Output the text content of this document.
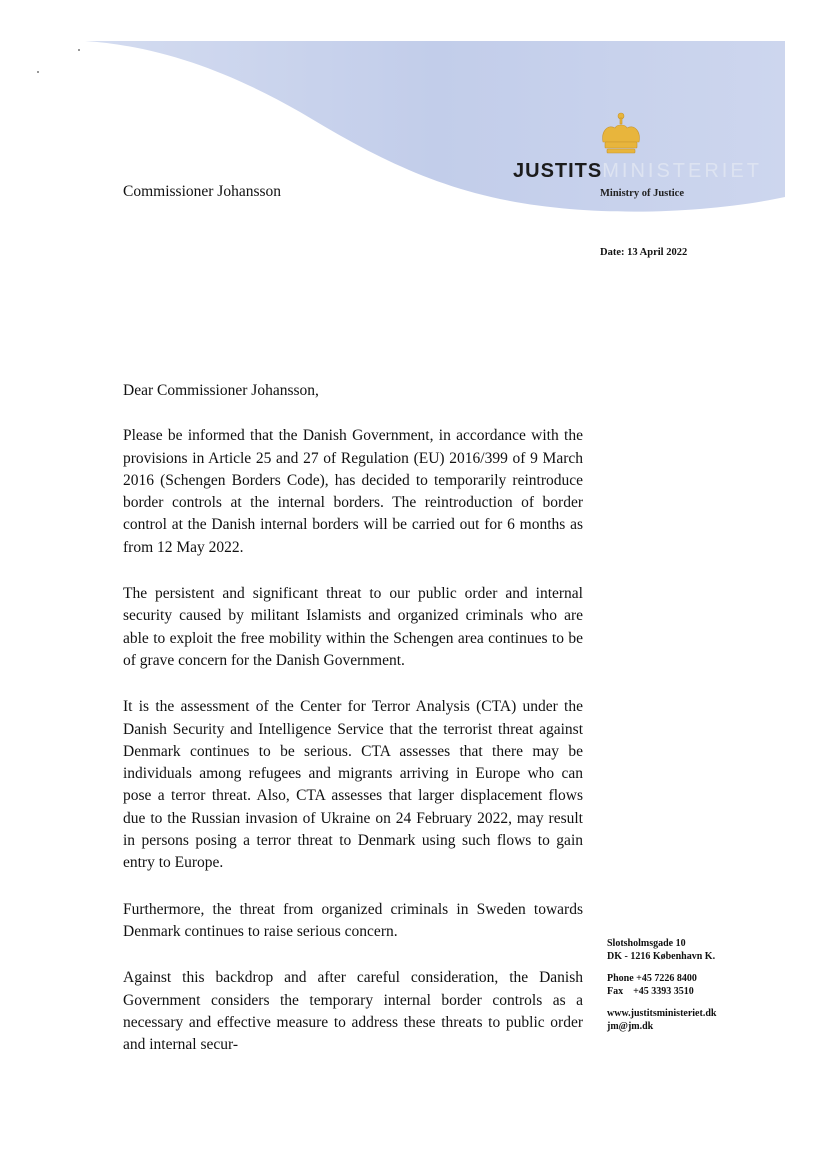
JUSTITSMINISTERIET
Ministry of Justice
Commissioner Johansson
Date: 13 April 2022

Dear Commissioner Johansson,

Please be informed that the Danish Government, in accordance with the provisions in Article 25 and 27 of Regulation (EU) 2016/399 of 9 March 2016 (Schengen Borders Code), has decided to temporarily reintroduce border controls at the internal borders. The reintroduction of border control at the Danish internal borders will be carried out for 6 months as from 12 May 2022.

The persistent and significant threat to our public order and internal security caused by militant Islamists and organized criminals who are able to exploit the free mobility within the Schengen area continues to be of grave concern for the Danish Government.

It is the assessment of the Center for Terror Analysis (CTA) under the Danish Security and Intelligence Service that the terrorist threat against Denmark continues to be serious. CTA assesses that there may be individuals among refugees and migrants arriving in Europe who can pose a terror threat. Also, CTA assesses that larger displacement flows due to the Russian invasion of Ukraine on 24 February 2022, may result in persons posing a terror threat to Denmark using such flows to gain entry to Europe.

Furthermore, the threat from organized criminals in Sweden towards Denmark continues to raise serious concern.

Against this backdrop and after careful consideration, the Danish Government considers the temporary internal border controls as a necessary and effective measure to address these threats to public order and internal secur-

Slotsholmsgade 10
DK - 1216 København K.
Phone +45 7226 8400
Fax    +45 3393 3510
www.justitsministeriet.dk
jm@jm.dk
